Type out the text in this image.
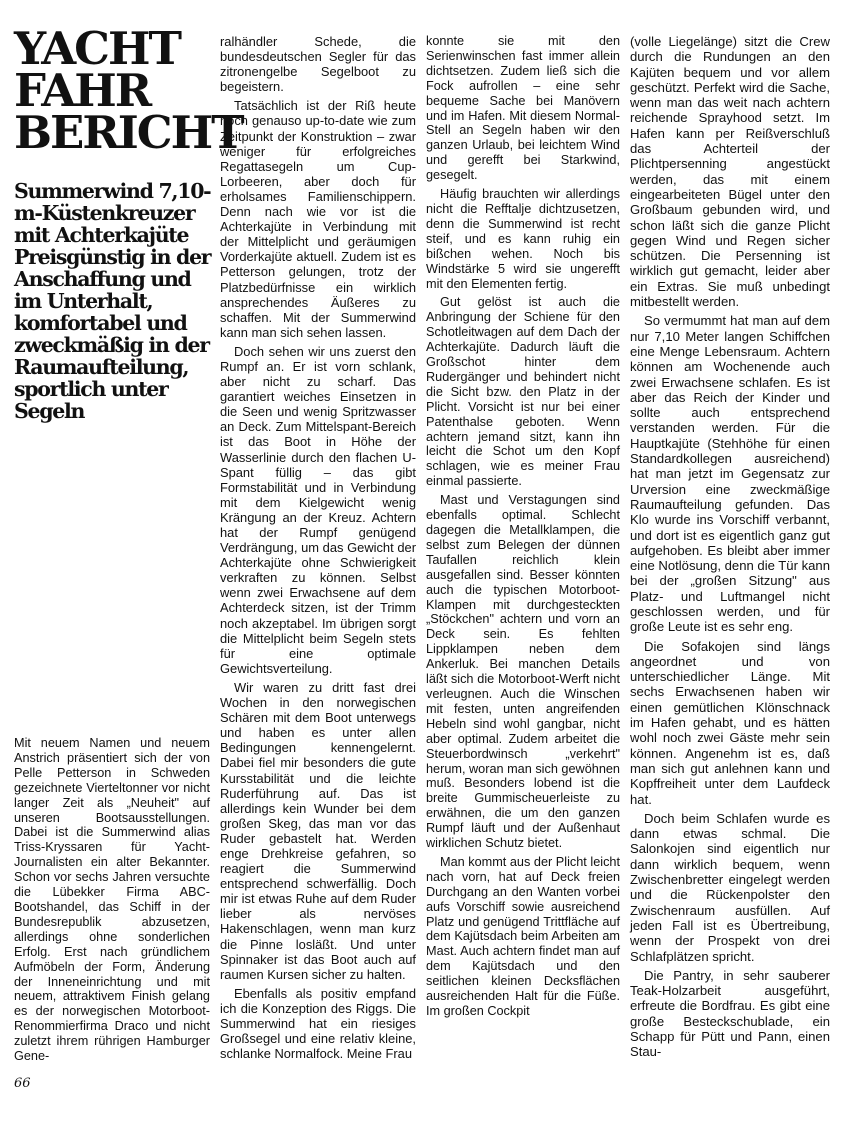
YACHT
FAHR
BERICHT
Summerwind 7,10-m-Küstenkreuzer mit Achterkajüte Preisgünstig in der Anschaffung und im Unterhalt, komfortabel und zweckmäßig in der Raumaufteilung, sportlich unter Segeln

Mit neuem Namen und neuem Anstrich präsentiert sich der von Pelle Petterson in Schweden gezeichnete Vierteltonner vor nicht langer Zeit als „Neuheit" auf unseren Bootsausstellungen. Dabei ist die Summerwind alias Triss-Kryssaren für Yacht-Journalisten ein alter Bekannter. Schon vor sechs Jahren versuchte die Lübekker Firma ABC-Bootshandel, das Schiff in der Bundesrepublik abzusetzen, allerdings ohne sonderlichen Erfolg. Erst nach gründlichem Aufmöbeln der Form, Änderung der Inneneinrichtung und mit neuem, attraktivem Finish gelang es der norwegischen Motorboot-Renommierfirma Draco und nicht zuletzt ihrem rührigen Hamburger Gene-

ralhändler Schede, die bundesdeutschen Segler für das zitronengelbe Segelboot zu begeistern.

Tatsächlich ist der Riß heute noch genauso up-to-date wie zum Zeitpunkt der Konstruktion – zwar weniger für erfolgreiches Regattasegeln um Cup-Lorbeeren, aber doch für erholsames Familienschippern. Denn nach wie vor ist die Achterkajüte in Verbindung mit der Mittelplicht und geräumigen Vorderkajüte aktuell. Zudem ist es Petterson gelungen, trotz der Platzbedürfnisse ein wirklich ansprechendes Äußeres zu schaffen. Mit der Summerwind kann man sich sehen lassen.

Doch sehen wir uns zuerst den Rumpf an. Er ist vorn schlank, aber nicht zu scharf. Das garantiert weiches Einsetzen in die Seen und wenig Spritzwasser an Deck. Zum Mittelspant-Bereich ist das Boot in Höhe der Wasserlinie durch den flachen U-Spant füllig – das gibt Formstabilität und in Verbindung mit dem Kielgewicht wenig Krängung an der Kreuz. Achtern hat der Rumpf genügend Verdrängung, um das Gewicht der Achterkajüte ohne Schwierigkeit verkraften zu können. Selbst wenn zwei Erwachsene auf dem Achterdeck sitzen, ist der Trimm noch akzeptabel. Im übrigen sorgt die Mittelplicht beim Segeln stets für eine optimale Gewichtsverteilung.

Wir waren zu dritt fast drei Wochen in den norwegischen Schären mit dem Boot unterwegs und haben es unter allen Bedingungen kennengelernt. Dabei fiel mir besonders die gute Kursstabilität und die leichte Ruderführung auf. Das ist allerdings kein Wunder bei dem großen Skeg, das man vor das Ruder gebastelt hat. Werden enge Drehkreise gefahren, so reagiert die Summerwind entsprechend schwerfällig. Doch mir ist etwas Ruhe auf dem Ruder lieber als nervöses Hakenschlagen, wenn man kurz die Pinne losläßt. Und unter Spinnaker ist das Boot auch auf raumen Kursen sicher zu halten.

Ebenfalls als positiv empfand ich die Konzeption des Riggs. Die Summerwind hat ein riesiges Großsegel und eine relativ kleine, schlanke Normalfock. Meine Frau

konnte sie mit den Serienwinschen fast immer allein dichtsetzen. Zudem ließ sich die Fock aufrollen – eine sehr bequeme Sache bei Manövern und im Hafen. Mit diesem Normal-Stell an Segeln haben wir den ganzen Urlaub, bei leichtem Wind und gerefft bei Starkwind, gesegelt.

Häufig brauchten wir allerdings nicht die Refftalje dichtzusetzen, denn die Summerwind ist recht steif, und es kann ruhig ein bißchen wehen. Noch bis Windstärke 5 wird sie ungerefft mit den Elementen fertig.

Gut gelöst ist auch die Anbringung der Schiene für den Schotleitwagen auf dem Dach der Achterkajüte. Dadurch läuft die Großschot hinter dem Rudergänger und behindert nicht die Sicht bzw. den Platz in der Plicht. Vorsicht ist nur bei einer Patenthalse geboten. Wenn achtern jemand sitzt, kann ihn leicht die Schot um den Kopf schlagen, wie es meiner Frau einmal passierte.

Mast und Verstagungen sind ebenfalls optimal. Schlecht dagegen die Metallklampen, die selbst zum Belegen der dünnen Taufallen reichlich klein ausgefallen sind. Besser könnten auch die typischen Motorboot-Klampen mit durchgesteckten „Stöckchen" achtern und vorn an Deck sein. Es fehlten Lippklampen neben dem Ankerluk. Bei manchen Details läßt sich die Motorboot-Werft nicht verleugnen. Auch die Winschen mit festen, unten angreifenden Hebeln sind wohl gangbar, nicht aber optimal. Zudem arbeitet die Steuerbordwinsch „verkehrt" herum, woran man sich gewöhnen muß. Besonders lobend ist die breite Gummischeuerleiste zu erwähnen, die um den ganzen Rumpf läuft und der Außenhaut wirklichen Schutz bietet.

Man kommt aus der Plicht leicht nach vorn, hat auf Deck freien Durchgang an den Wanten vorbei aufs Vorschiff sowie ausreichend Platz und genügend Trittfläche auf dem Kajütsdach beim Arbeiten am Mast. Auch achtern findet man auf dem Kajütsdach und den seitlichen kleinen Decksflächen ausreichenden Halt für die Füße. Im großen Cockpit

(volle Liegelänge) sitzt die Crew durch die Rundungen an den Kajüten bequem und vor allem geschützt. Perfekt wird die Sache, wenn man das weit nach achtern reichende Sprayhood setzt. Im Hafen kann per Reißverschluß das Achterteil der Plichtpersenning angestückt werden, das mit einem eingearbeiteten Bügel unter den Großbaum gebunden wird, und schon läßt sich die ganze Plicht gegen Wind und Regen sicher schützen. Die Persenning ist wirklich gut gemacht, leider aber ein Extras. Sie muß unbedingt mitbestellt werden.

So vermummt hat man auf dem nur 7,10 Meter langen Schiffchen eine Menge Lebensraum. Achtern können am Wochenende auch zwei Erwachsene schlafen. Es ist aber das Reich der Kinder und sollte auch entsprechend verstanden werden. Für die Hauptkajüte (Stehhöhe für einen Standardkollegen ausreichend) hat man jetzt im Gegensatz zur Urversion eine zweckmäßige Raumaufteilung gefunden. Das Klo wurde ins Vorschiff verbannt, und dort ist es eigentlich ganz gut aufgehoben. Es bleibt aber immer eine Notlösung, denn die Tür kann bei der „großen Sitzung" aus Platz- und Luftmangel nicht geschlossen werden, und für große Leute ist es sehr eng.

Die Sofakojen sind längs angeordnet und von unterschiedlicher Länge. Mit sechs Erwachsenen haben wir einen gemütlichen Klönschnack im Hafen gehabt, und es hätten wohl noch zwei Gäste mehr sein können. Angenehm ist es, daß man sich gut anlehnen kann und Kopffreiheit unter dem Laufdeck hat.

Doch beim Schlafen wurde es dann etwas schmal. Die Salonkojen sind eigentlich nur dann wirklich bequem, wenn Zwischenbretter eingelegt werden und die Rückenpolster den Zwischenraum ausfüllen. Auf jeden Fall ist es Übertreibung, wenn der Prospekt von drei Schlafplätzen spricht.

Die Pantry, in sehr sauberer Teak-Holzarbeit ausgeführt, erfreute die Bordfrau. Es gibt eine große Besteckschublade, ein Schapp für Pütt und Pann, einen Stau-

66
